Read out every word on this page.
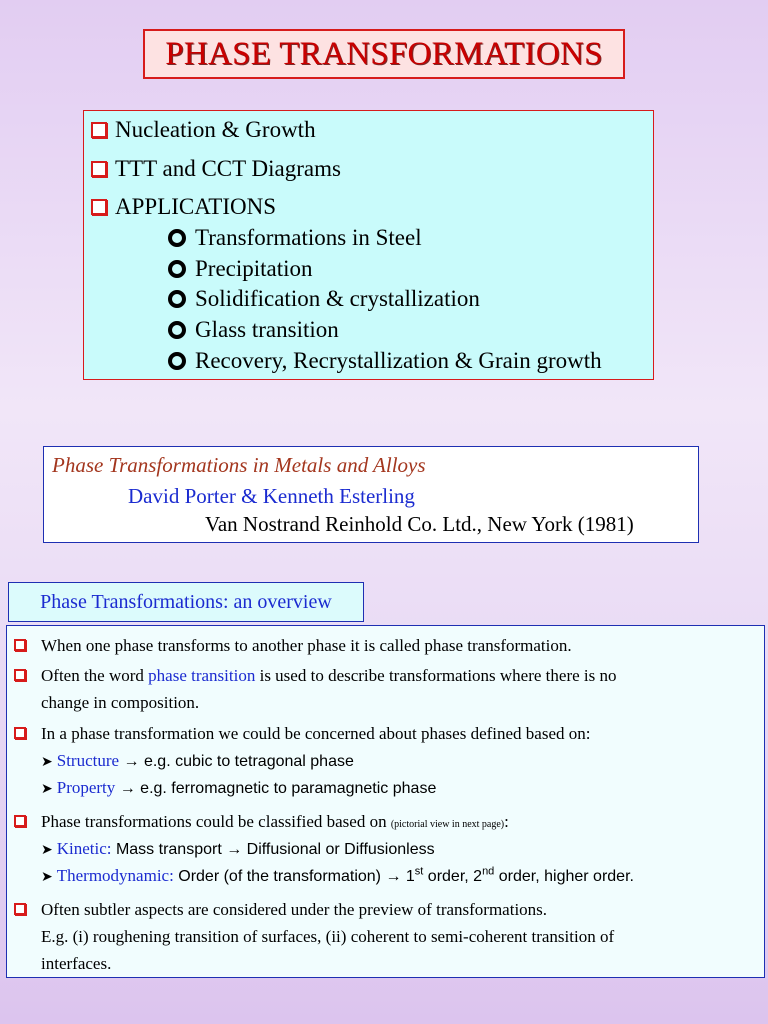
PHASE TRANSFORMATIONS
Nucleation & Growth
TTT and CCT Diagrams
APPLICATIONS
Transformations in Steel
Precipitation
Solidification & crystallization
Glass transition
Recovery, Recrystallization & Grain growth
Phase Transformations in Metals and Alloys
David Porter & Kenneth Esterling
Van Nostrand Reinhold Co. Ltd., New York (1981)
Phase Transformations: an overview
When one phase transforms to another phase it is called phase transformation.
Often the word phase transition is used to describe transformations where there is no
change in composition.
In a phase transformation we could be concerned about phases defined based on:
➤ Structure → e.g. cubic to tetragonal phase
➤ Property → e.g. ferromagnetic to paramagnetic phase
Phase transformations could be classified based on (pictorial view in next page):
➤ Kinetic: Mass transport → Diffusional or Diffusionless
➤ Thermodynamic: Order (of the transformation) → 1st order, 2nd order, higher order.
Often subtler aspects are considered under the preview of transformations.
E.g. (i) roughening transition of surfaces, (ii) coherent to semi-coherent transition of
interfaces.
